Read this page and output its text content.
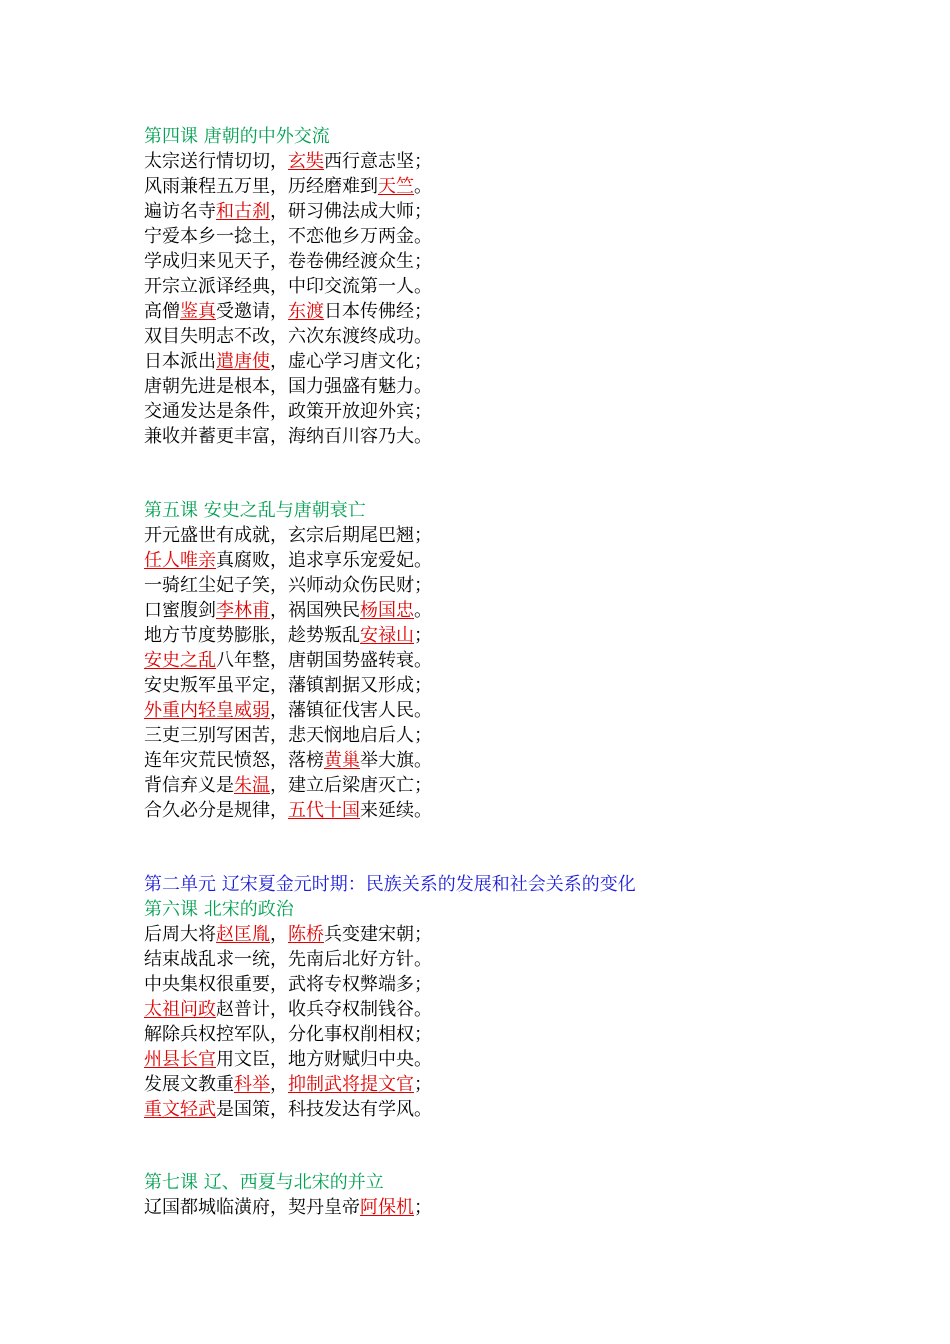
第四课 唐朝的中外交流
太宗送行情切切，玄奘西行意志坚；
风雨兼程五万里，历经磨难到天竺。
遍访名寺和古刹，研习佛法成大师；
宁爱本乡一捻土，不恋他乡万两金。
学成归来见天子，卷卷佛经渡众生；
开宗立派译经典，中印交流第一人。
高僧鉴真受邀请，东渡日本传佛经；
双目失明志不改，六次东渡终成功。
日本派出遣唐使，虚心学习唐文化；
唐朝先进是根本，国力强盛有魅力。
交通发达是条件，政策开放迎外宾；
兼收并蓄更丰富，海纳百川容乃大。
第五课 安史之乱与唐朝衰亡
开元盛世有成就，玄宗后期尾巴翘；
任人唯亲真腐败，追求享乐宠爱妃。
一骑红尘妃子笑，兴师动众伤民财；
口蜜腹剑李林甫，祸国殃民杨国忠。
地方节度势膨胀，趁势叛乱安禄山；
安史之乱八年整，唐朝国势盛转衰。
安史叛军虽平定，藩镇割据又形成；
外重内轻皇威弱，藩镇征伐害人民。
三吏三别写困苦，悲天悯地启后人；
连年灾荒民愤怒，落榜黄巢举大旗。
背信弃义是朱温，建立后梁唐灭亡；
合久必分是规律，五代十国来延续。
第二单元 辽宋夏金元时期：民族关系的发展和社会关系的变化
第六课 北宋的政治
后周大将赵匡胤，陈桥兵变建宋朝；
结束战乱求一统，先南后北好方针。
中央集权很重要，武将专权弊端多；
太祖问政赵普计，收兵夺权制钱谷。
解除兵权控军队，分化事权削相权；
州县长官用文臣，地方财赋归中央。
发展文教重科举，抑制武将提文官；
重文轻武是国策，科技发达有学风。
第七课 辽、西夏与北宋的并立
辽国都城临潢府，契丹皇帝阿保机；
